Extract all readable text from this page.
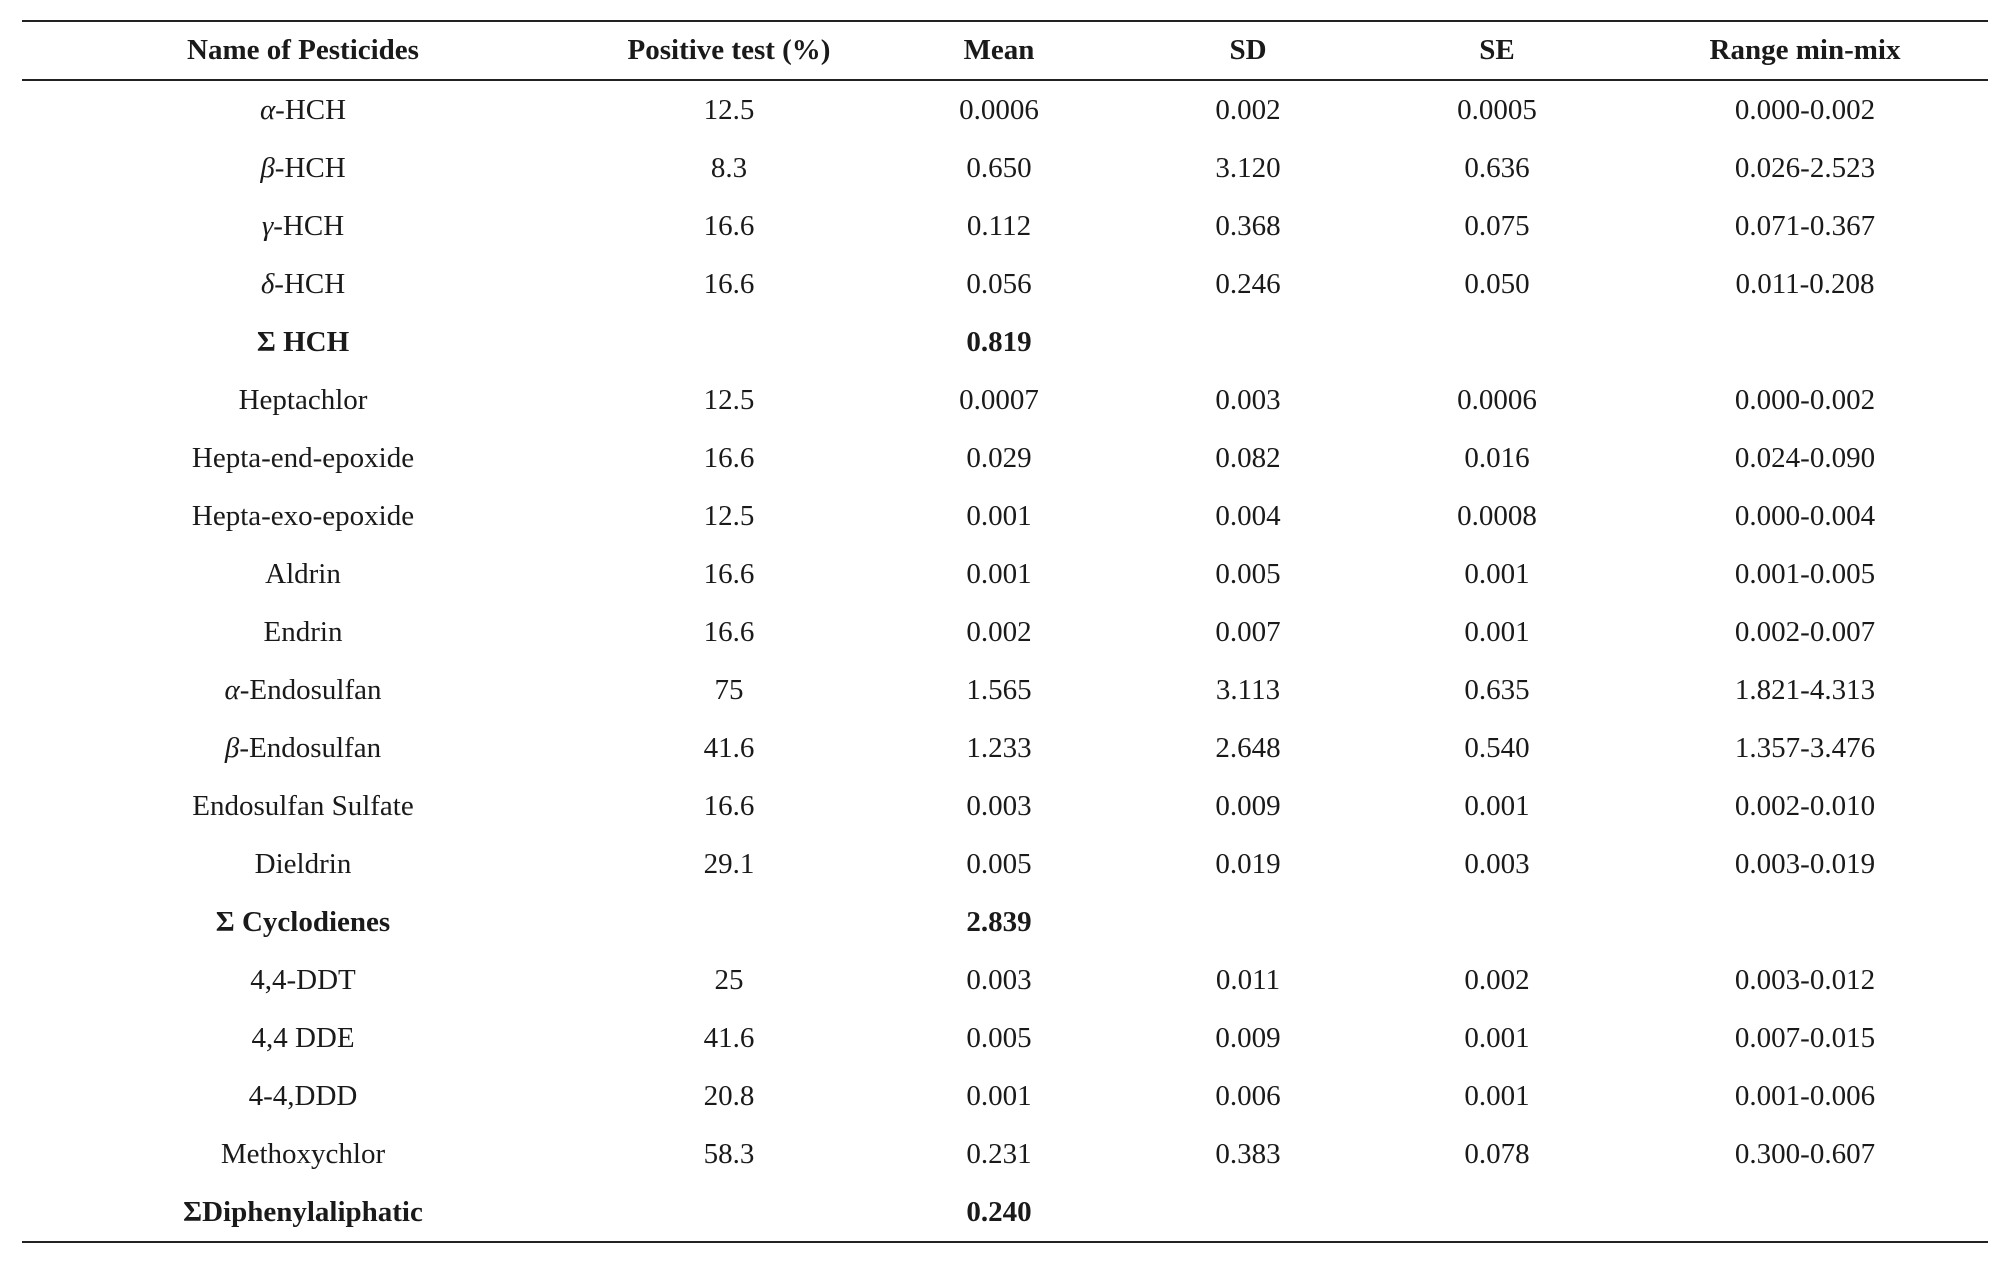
Name of Pesticides	Positive test (%)	Mean	SD	SE	Range min-mix
α-HCH	12.5	0.0006	0.002	0.0005	0.000-0.002
β-HCH	8.3	0.650	3.120	0.636	0.026-2.523
γ-HCH	16.6	0.112	0.368	0.075	0.071-0.367
δ-HCH	16.6	0.056	0.246	0.050	0.011-0.208
Σ HCH		0.819			
Heptachlor	12.5	0.0007	0.003	0.0006	0.000-0.002
Hepta-end-epoxide	16.6	0.029	0.082	0.016	0.024-0.090
Hepta-exo-epoxide	12.5	0.001	0.004	0.0008	0.000-0.004
Aldrin	16.6	0.001	0.005	0.001	0.001-0.005
Endrin	16.6	0.002	0.007	0.001	0.002-0.007
α-Endosulfan	75	1.565	3.113	0.635	1.821-4.313
β-Endosulfan	41.6	1.233	2.648	0.540	1.357-3.476
Endosulfan Sulfate	16.6	0.003	0.009	0.001	0.002-0.010
Dieldrin	29.1	0.005	0.019	0.003	0.003-0.019
Σ Cyclodienes		2.839			
4,4-DDT	25	0.003	0.011	0.002	0.003-0.012
4,4 DDE	41.6	0.005	0.009	0.001	0.007-0.015
4-4,DDD	20.8	0.001	0.006	0.001	0.001-0.006
Methoxychlor	58.3	0.231	0.383	0.078	0.300-0.607
ΣDiphenylaliphatic		0.240			
